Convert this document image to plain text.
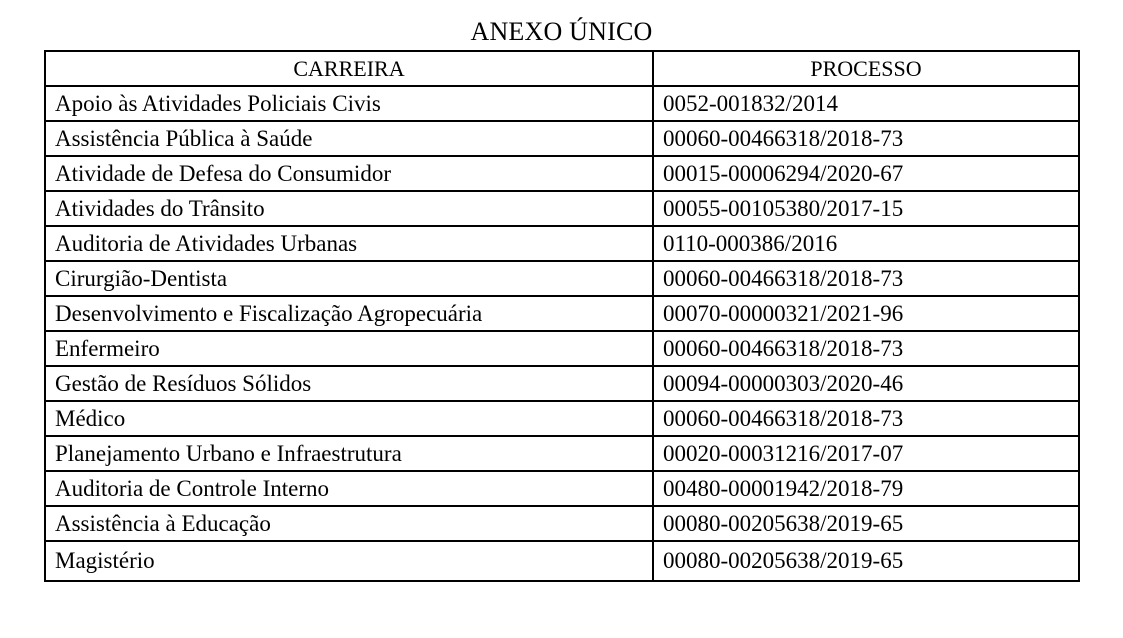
ANEXO ÚNICO
CARREIRA	PROCESSO
Apoio às Atividades Policiais Civis	0052-001832/2014
Assistência Pública à Saúde	00060-00466318/2018-73
Atividade de Defesa do Consumidor	00015-00006294/2020-67
Atividades do Trânsito	00055-00105380/2017-15
Auditoria de Atividades Urbanas	0110-000386/2016
Cirurgião-Dentista	00060-00466318/2018-73
Desenvolvimento e Fiscalização Agropecuária	00070-00000321/2021-96
Enfermeiro	00060-00466318/2018-73
Gestão de Resíduos Sólidos	00094-00000303/2020-46
Médico	00060-00466318/2018-73
Planejamento Urbano e Infraestrutura	00020-00031216/2017-07
Auditoria de Controle Interno	00480-00001942/2018-79
Assistência à Educação	00080-00205638/2019-65
Magistério	00080-00205638/2019-65
